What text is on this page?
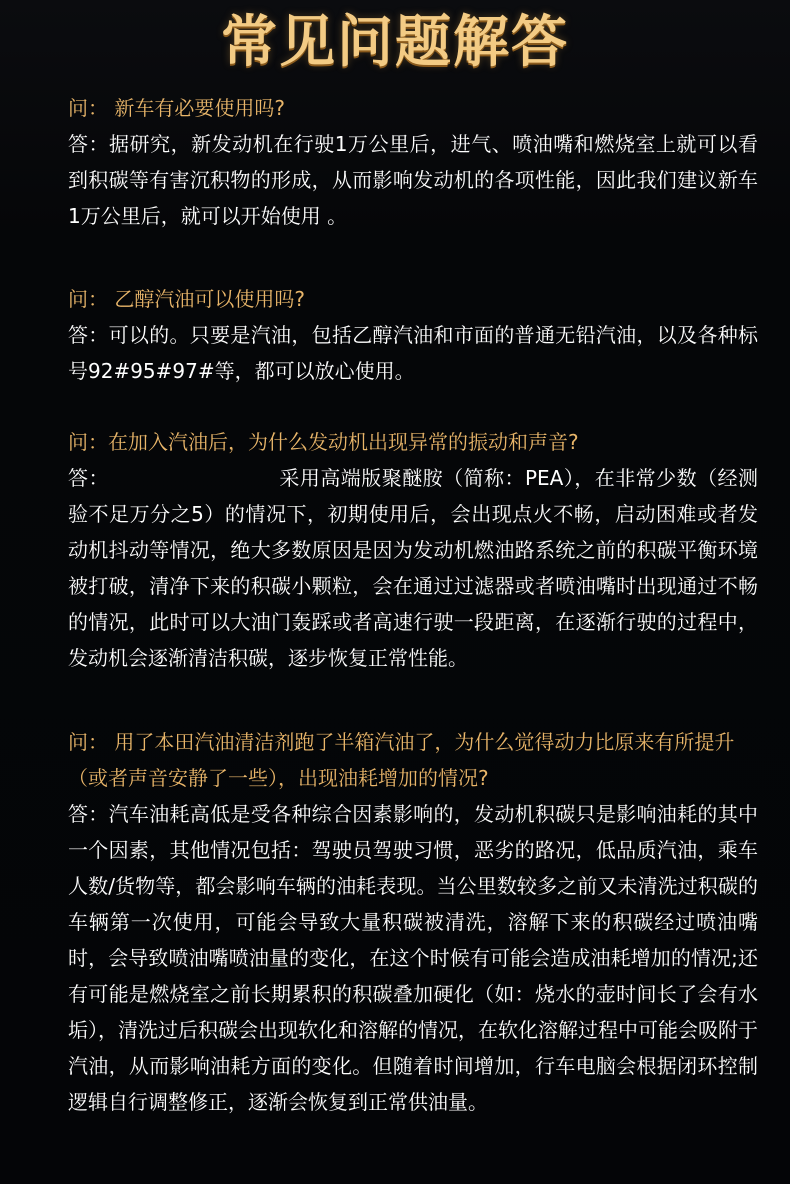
常见问题解答
问： 新车有必要使用吗?
答：据研究，新发动机在行驶1万公里后，进气、喷油嘴和燃烧室上就可以看到积碳等有害沉积物的形成，从而影响发动机的各项性能，因此我们建议新车1万公里后，就可以开始使用 。
问： 乙醇汽油可以使用吗?
答：可以的。只要是汽油，包括乙醇汽油和市面的普通无铅汽油，以及各种标号92#95#97#等，都可以放心使用。
问：在加入汽油后，为什么发动机出现异常的振动和声音?
答：	采用高端版聚醚胺（简称：PEA），在非常少数（经测验不足万分之5）的情况下，初期使用后，会出现点火不畅，启动困难或者发动机抖动等情况，绝大多数原因是因为发动机燃油路系统之前的积碳平衡环境被打破，清净下来的积碳小颗粒，会在通过过滤器或者喷油嘴时出现通过不畅的情况，此时可以大油门轰踩或者高速行驶一段距离，在逐渐行驶的过程中，发动机会逐渐清洁积碳，逐步恢复正常性能。
问： 用了本田汽油清洁剂跑了半箱汽油了，为什么觉得动力比原来有所提升（或者声音安静了一些），出现油耗增加的情况?
答：汽车油耗高低是受各种综合因素影响的，发动机积碳只是影响油耗的其中一个因素，其他情况包括：驾驶员驾驶习惯，恶劣的路况，低品质汽油，乘车人数/货物等，都会影响车辆的油耗表现。当公里数较多之前又未清洗过积碳的车辆第一次使用，可能会导致大量积碳被清洗，溶解下来的积碳经过喷油嘴时，会导致喷油嘴喷油量的变化，在这个时候有可能会造成油耗增加的情况;还有可能是燃烧室之前长期累积的积碳叠加硬化（如：烧水的壶时间长了会有水垢），清洗过后积碳会出现软化和溶解的情况，在软化溶解过程中可能会吸附于汽油，从而影响油耗方面的变化。但随着时间增加，行车电脑会根据闭环控制逻辑自行调整修正，逐渐会恢复到正常供油量。
